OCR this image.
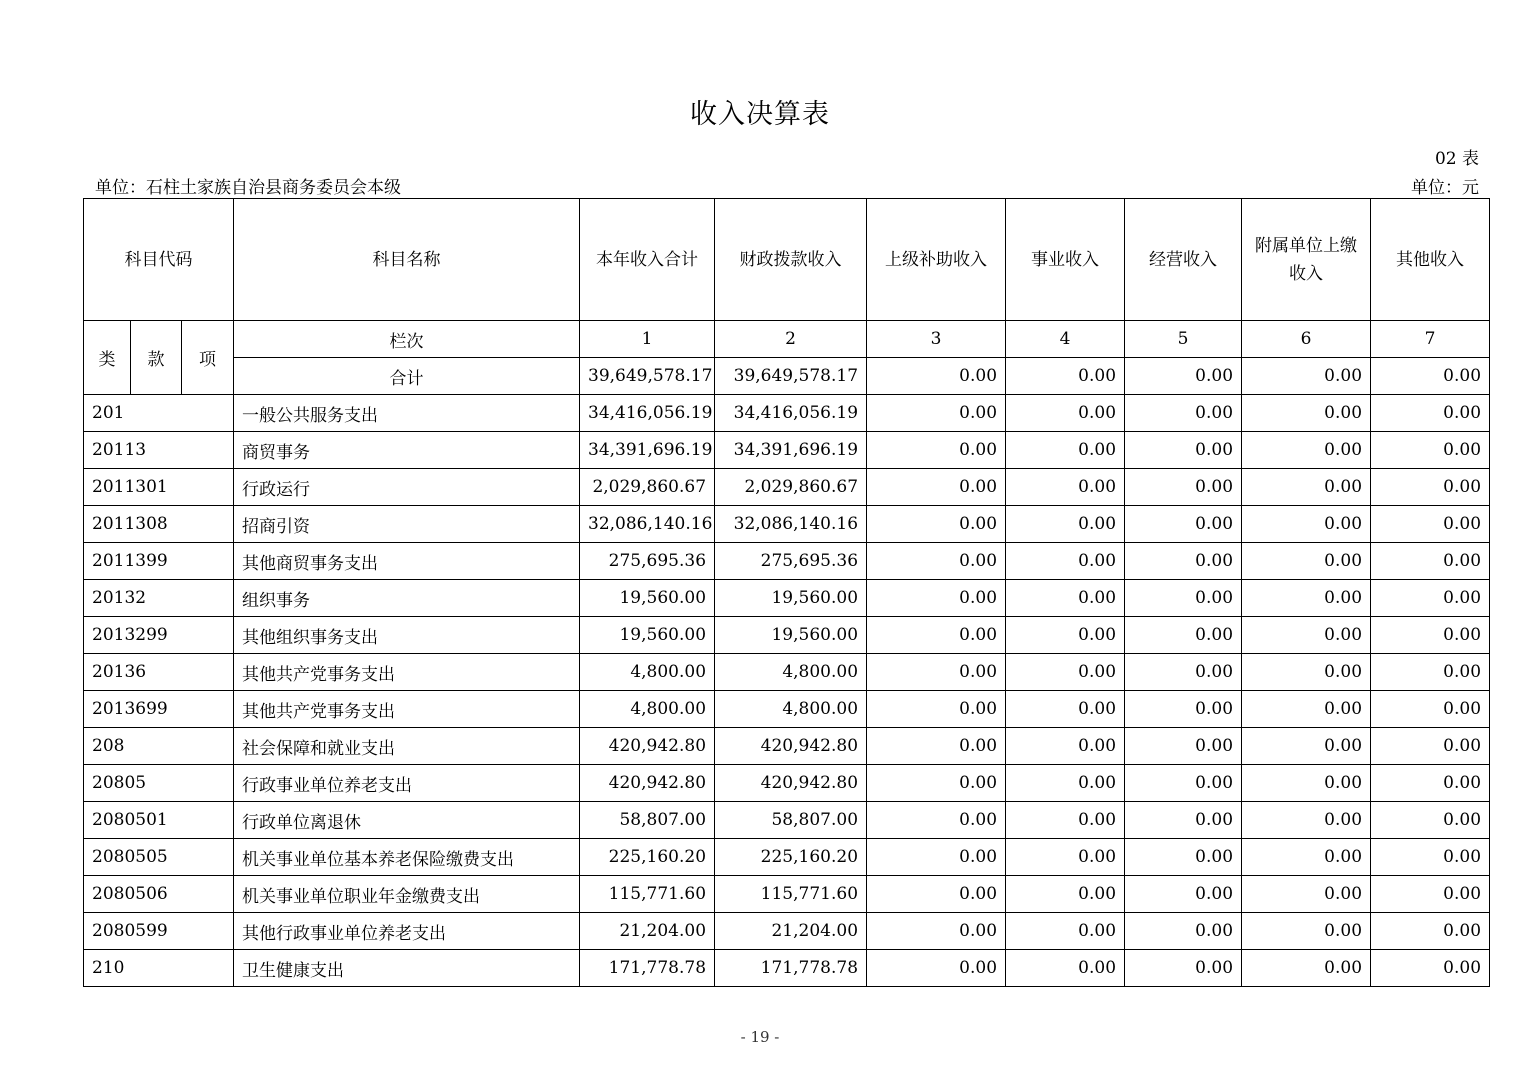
收入决算表
02 表
单位：石柱土家族自治县商务委员会本级	单位：元
科目代码			科目名称	本年收入合计	财政拨款收入	上级补助收入	事业收入	经营收入	附属单位上缴收入	其他收入
类	款	项	栏次	1	2	3	4	5	6	7
			合计	39,649,578.17	39,649,578.17	0.00	0.00	0.00	0.00	0.00
201			一般公共服务支出	34,416,056.19	34,416,056.19	0.00	0.00	0.00	0.00	0.00
20113			商贸事务	34,391,696.19	34,391,696.19	0.00	0.00	0.00	0.00	0.00
2011301			行政运行	2,029,860.67	2,029,860.67	0.00	0.00	0.00	0.00	0.00
2011308			招商引资	32,086,140.16	32,086,140.16	0.00	0.00	0.00	0.00	0.00
2011399			其他商贸事务支出	275,695.36	275,695.36	0.00	0.00	0.00	0.00	0.00
20132			组织事务	19,560.00	19,560.00	0.00	0.00	0.00	0.00	0.00
2013299			其他组织事务支出	19,560.00	19,560.00	0.00	0.00	0.00	0.00	0.00
20136			其他共产党事务支出	4,800.00	4,800.00	0.00	0.00	0.00	0.00	0.00
2013699			其他共产党事务支出	4,800.00	4,800.00	0.00	0.00	0.00	0.00	0.00
208			社会保障和就业支出	420,942.80	420,942.80	0.00	0.00	0.00	0.00	0.00
20805			行政事业单位养老支出	420,942.80	420,942.80	0.00	0.00	0.00	0.00	0.00
2080501			行政单位离退休	58,807.00	58,807.00	0.00	0.00	0.00	0.00	0.00
2080505			机关事业单位基本养老保险缴费支出	225,160.20	225,160.20	0.00	0.00	0.00	0.00	0.00
2080506			机关事业单位职业年金缴费支出	115,771.60	115,771.60	0.00	0.00	0.00	0.00	0.00
2080599			其他行政事业单位养老支出	21,204.00	21,204.00	0.00	0.00	0.00	0.00	0.00
210			卫生健康支出	171,778.78	171,778.78	0.00	0.00	0.00	0.00	0.00
- 19 -
